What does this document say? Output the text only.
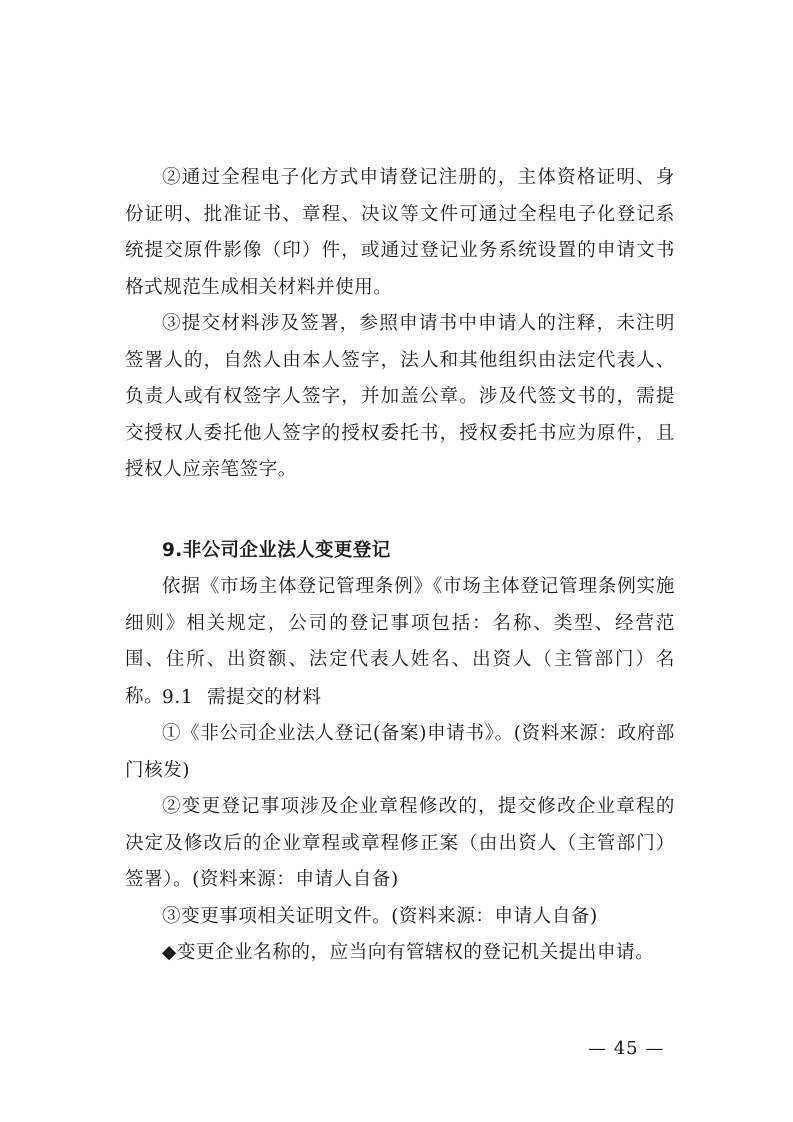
②通过全程电子化方式申请登记注册的，主体资格证明、身份证明、批准证书、章程、决议等文件可通过全程电子化登记系统提交原件影像（印）件，或通过登记业务系统设置的申请文书格式规范生成相关材料并使用。

③提交材料涉及签署，参照申请书中申请人的注释，未注明签署人的，自然人由本人签字，法人和其他组织由法定代表人、负责人或有权签字人签字，并加盖公章。涉及代签文书的，需提交授权人委托他人签字的授权委托书，授权委托书应为原件，且授权人应亲笔签字。

9.非公司企业法人变更登记

依据《市场主体登记管理条例》《市场主体登记管理条例实施细则》相关规定，公司的登记事项包括：名称、类型、经营范围、住所、出资额、法定代表人姓名、出资人（主管部门）名称。

9.1 需提交的材料

①《非公司企业法人登记(备案)申请书》。(资料来源：政府部门核发)

②变更登记事项涉及企业章程修改的，提交修改企业章程的决定及修改后的企业章程或章程修正案（由出资人（主管部门）签署）。(资料来源：申请人自备)

③变更事项相关证明文件。(资料来源：申请人自备)

◆变更企业名称的，应当向有管辖权的登记机关提出申请。

— 45 —
